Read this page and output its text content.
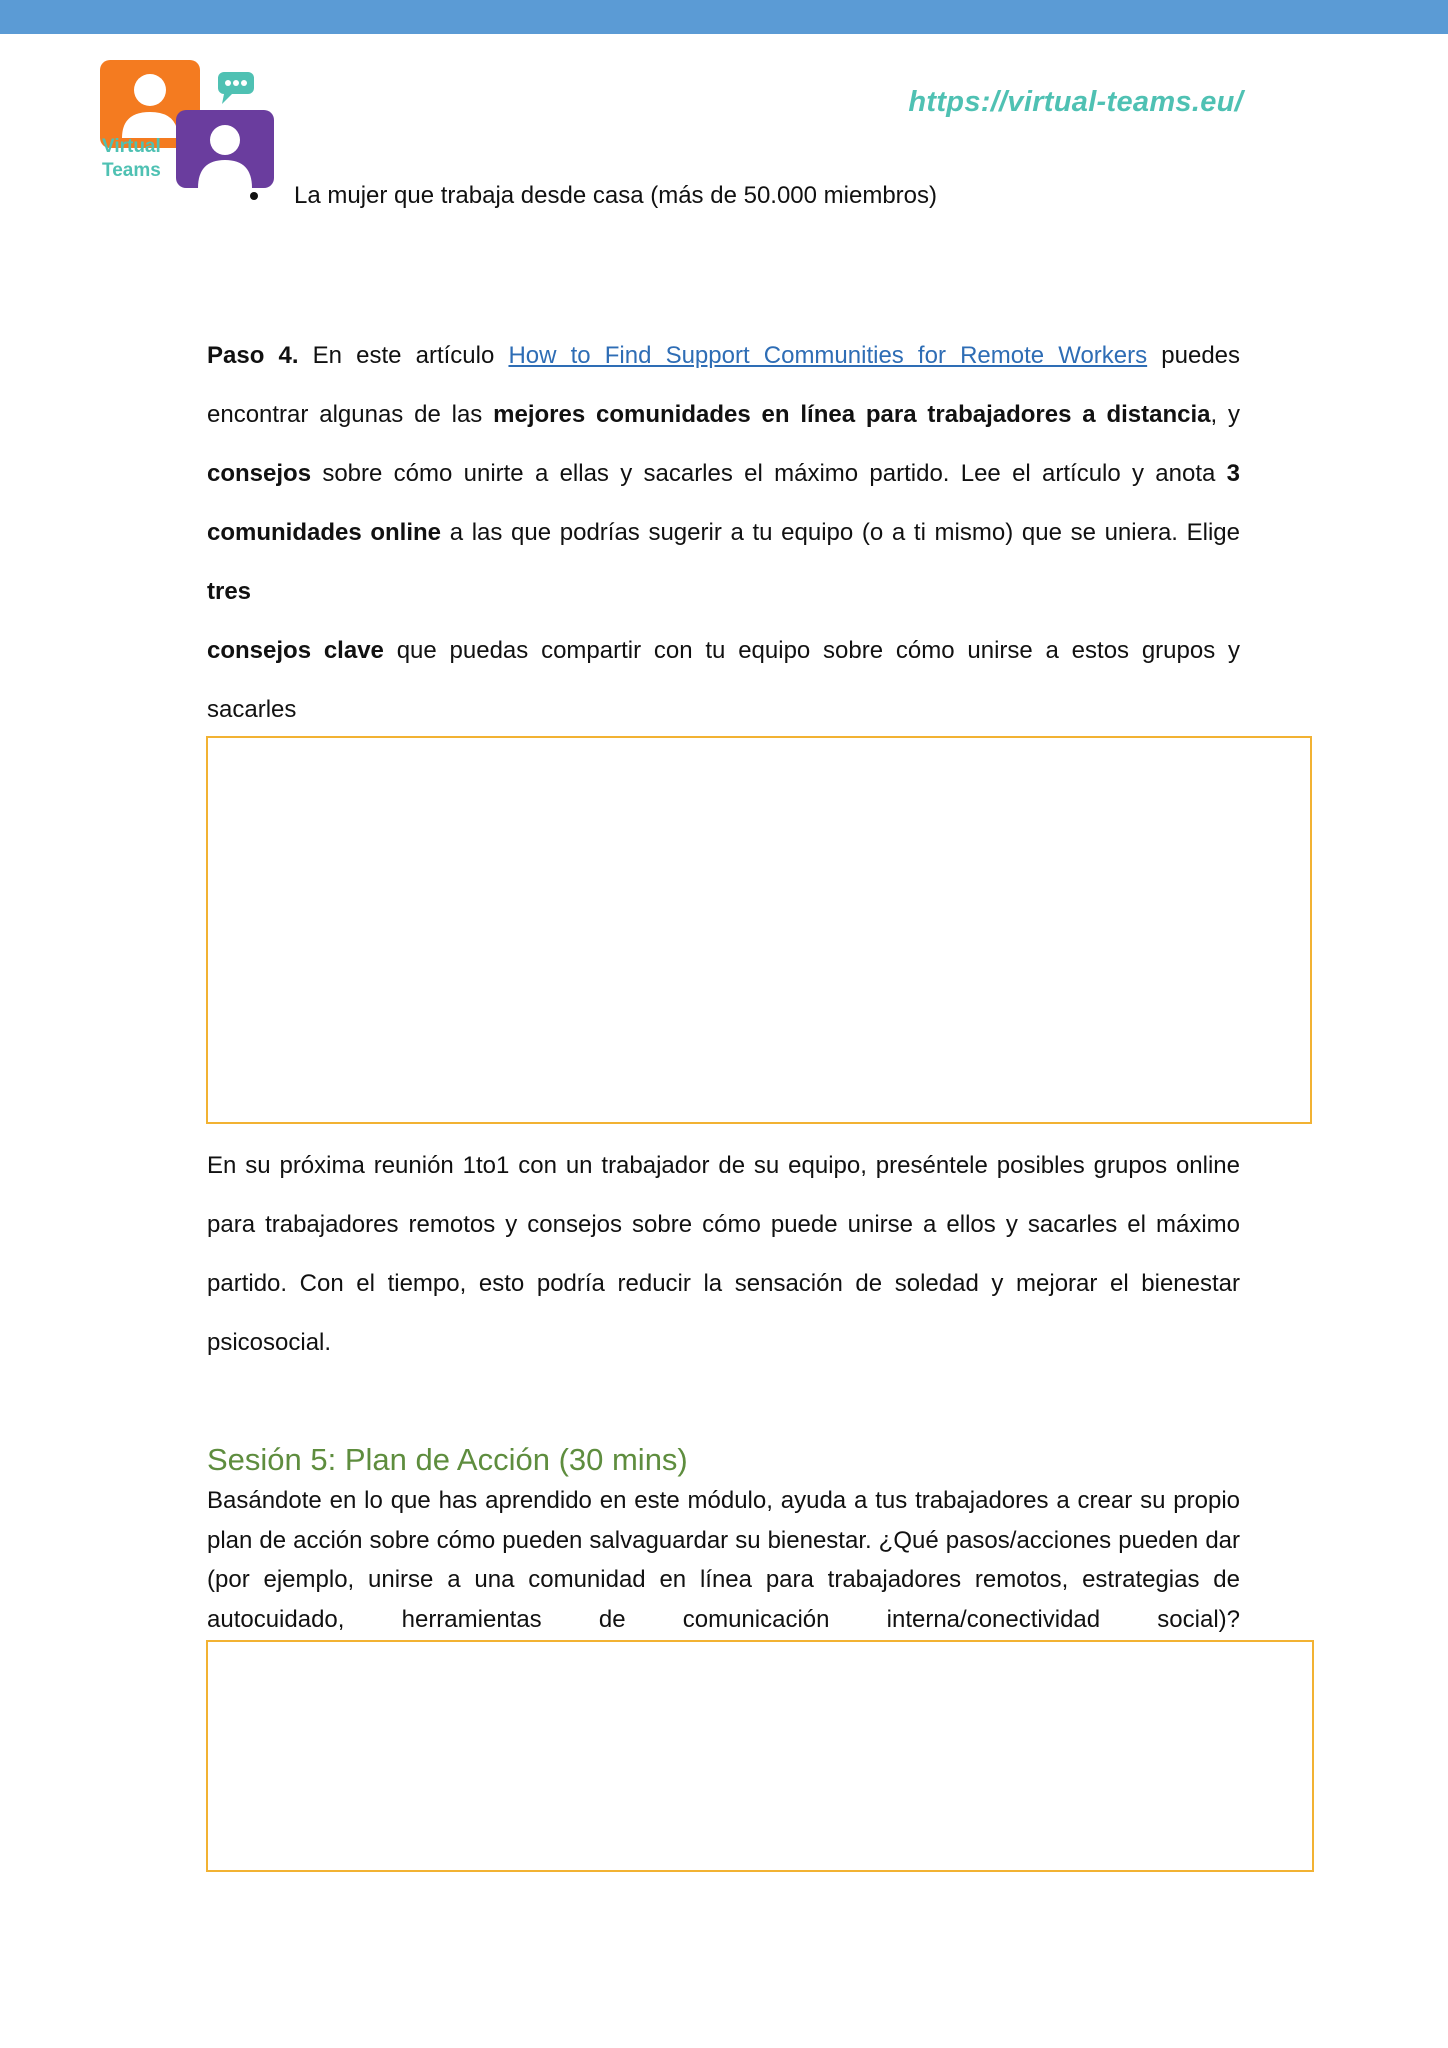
Virtual
Teams
https://virtual-teams.eu/
La mujer que trabaja desde casa (más de 50.000 miembros)
Paso 4. En este artículo How to Find Support Communities for Remote Workers puedes
encontrar algunas de las mejores comunidades en línea para trabajadores a distancia, y
consejos sobre cómo unirte a ellas y sacarles el máximo partido. Lee el artículo y anota 3
comunidades online a las que podrías sugerir a tu equipo (o a ti mismo) que se uniera. Elige tres
consejos clave que puedas compartir con tu equipo sobre cómo unirse a estos grupos y sacarles
En su próxima reunión 1to1 con un trabajador de su equipo, preséntele posibles grupos online
para trabajadores remotos y consejos sobre cómo puede unirse a ellos y sacarles el máximo
partido. Con el tiempo, esto podría reducir la sensación de soledad y mejorar el bienestar
psicosocial.
Sesión 5: Plan de Acción (30 mins)
Basándote en lo que has aprendido en este módulo, ayuda a tus trabajadores a crear su propio
plan de acción sobre cómo pueden salvaguardar su bienestar. ¿Qué pasos/acciones pueden dar
(por ejemplo, unirse a una comunidad en línea para trabajadores remotos, estrategias de
autocuidado, herramientas de comunicación interna/conectividad social)?
